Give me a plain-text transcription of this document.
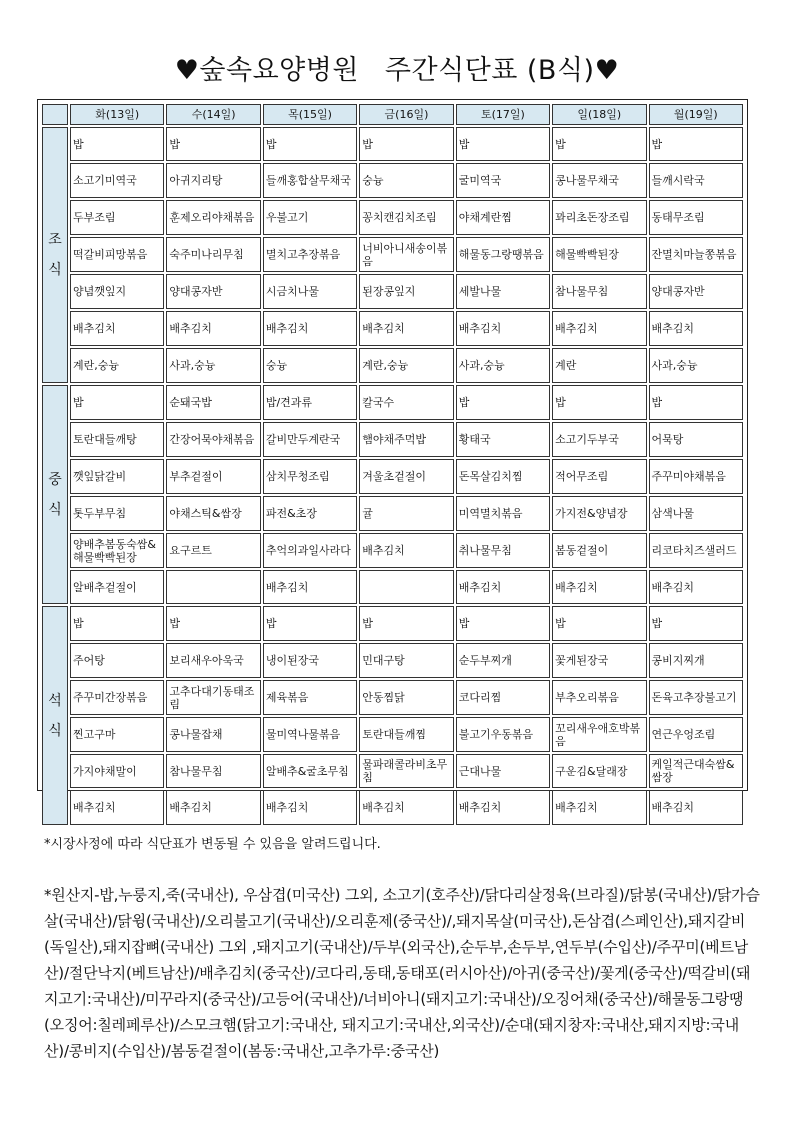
♥숲속요양병원 주간식단표 (B식)♥
	화(13일)	수(14일)	목(15일)	금(16일)	토(17일)	일(18일)	월(19일)

조
식	밥	밥	밥	밥	밥	밥	밥

	소고기미역국	아귀지리탕	들깨홍합살무채국	숭늉	굴미역국	콩나물무채국	들깨시락국

	두부조림	훈제오리야채볶음	우불고기	꽁치캔김치조림	야채계란찜	꽈리초돈장조림	동태무조림

	떡갈비피망볶음	숙주미나리무침	멸치고추장볶음	너비아니새송이볶음	해물동그랑땡볶음	해물빡빡된장	잔멸치마늘쫑볶음

	양념깻잎지	양대콩자반	시금치나물	된장콩잎지	세발나물	참나물무침	양대콩자반

	배추김치	배추김치	배추김치	배추김치	배추김치	배추김치	배추김치

	계란,숭늉	사과,숭늉	숭늉	계란,숭늉	사과,숭늉	계란	사과,숭늉

중
식	밥	순돼국밥	밥/견과류	칼국수	밥	밥	밥

	토란대들깨탕	간장어묵야채볶음	갈비만두계란국	햄야채주먹밥	황태국	소고기두부국	어묵탕

	깻잎닭갈비	부추겉절이	삼치무청조림	겨울초겉절이	돈목살김치찜	적어무조림	주꾸미야채볶음

	톳두부무침	야채스틱&쌈장	파전&초장	귤	미역멸치볶음	가지전&양념장	삼색나물

	양배추봄동숙쌈&해물빡빡된장	요구르트	추억의과일사라다	배추김치	취나물무침	봄동겉절이	리코타치즈샐러드

	알배추겉절이		배추김치		배추김치	배추김치	배추김치

석
식	밥	밥	밥	밥	밥	밥	밥

	주어탕	보리새우아욱국	냉이된장국	민대구탕	순두부찌개	꽃게된장국	콩비지찌개

	주꾸미간장볶음	고추다대기동태조림	제육볶음	안동찜닭	코다리찜	부추오리볶음	돈육고추장불고기

	찐고구마	콩나물잡채	물미역나물볶음	토란대들깨찜	불고기우동볶음	꼬리새우애호박볶음	연근우엉조림

	가지야채말이	참나물무침	알배추&굴초무침	물파래콜라비초무침	근대나물	구운김&달래장	케일적근대숙쌈&쌈장

	배추김치	배추김치	배추김치	배추김치	배추김치	배추김치	배추김치
*시장사정에 따라 식단표가 변동될 수 있음을 알려드립니다.
*원산지-밥,누룽지,죽(국내산), 우삼겹(미국산) 그외, 소고기(호주산)/닭다리살정육(브라질)/닭봉(국내산)/닭가슴살(국내산)/닭윙(국내산)/오리불고기(국내산)/오리훈제(중국산)/,돼지목살(미국산),돈삼겹(스페인산),돼지갈비(독일산),돼지잡뼈(국내산) 그외 ,돼지고기(국내산)/두부(외국산),순두부,손두부,연두부(수입산)/주꾸미(베트남산)/절단낙지(베트남산)/배추김치(중국산)/코다리,동태,동태포(러시아산)/아귀(중국산)/꽃게(중국산)/떡갈비(돼지고기:국내산)/미꾸라지(중국산)/고등어(국내산)/너비아니(돼지고기:국내산)/오징어채(중국산)/해물동그랑땡(오징어:칠레페루산)/스모크햄(닭고기:국내산, 돼지고기:국내산,외국산)/순대(돼지창자:국내산,돼지지방:국내산)/콩비지(수입산)/봄동겉절이(봄동:국내산,고추가루:중국산)
